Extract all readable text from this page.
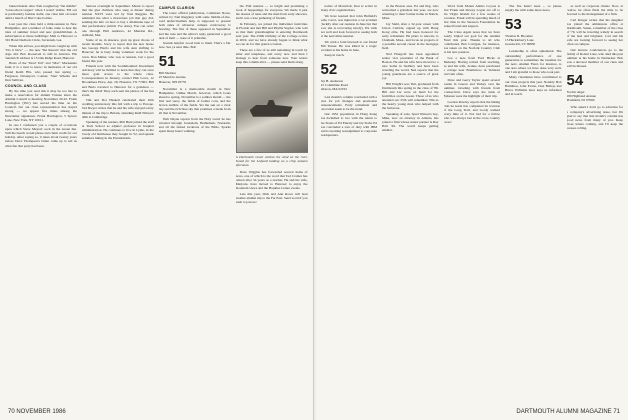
burned hands. Also Tom coughed up "the middle" "total-school targets" when I wasn't visible. Fill out is particularly fashion stalls; one class hail cavorted amid a bunch of Diet Coke bottles.

Last year the class held a mini-reunion in New Hampshire, and a number of folks came to hear the tales of summer travel and new grandchildren. A subscription to these babblings: Mail to Hanover or 301 Hotel Dadlock Circle, Savannah, GA.

When this arrives, you might have caught up with "Do it Now" — the new 'Ski Resorts' that the old dogs did. Bob Roosevelt is still in Arizona. His 'sandwich' address is 15 Oak Ridge Road, Hanover.

Hosts of the "Don't Tell" and "Mac" Mackenzie fund, it is a treat to know: in memories of our old friend Keith Hix, who passed last spring — Ferguson, Davenport, Conner, 'Stan' Whelan and Don Sullivan.

COUNCIL AND CLASS

By the time you read this it may be too late to make a reservation for alumni Trustee since the Alumni Council is meeting November 20-22. Frank Harrington ('Pix') has served his time on the Council, but our class representation has stayed strong — we appear five times among the Newsletter signatures. Frank Harrington, 5 Spruce Lane, New York, NY 10011.

In one I confessed you a couple of occasions upon which Steve Meyers' sock in the Green Inn. Still the bunch would phone and claim credit for our holiday. After saying so, it takes about twenty years before Dave Thompson's father came up to tell us what fun that party had been.

Serious overnight in September. Meant to report that the glee clubbers who sang at dinner during reunion XXVI were led by Tom Ruggles. He reminded me what a marvelous job that guy did, sending me info on how to buy a 40-minute tape of that performance (which I've done). You can order one through Hall Andrews, 42 Mendon Rd., Ashland, MA.

Some of us, in absence, gave up great chores of recent months. Sorry to report that the new house has George Harris and his wife Ann shifting to Hanover; he is busy doing volunteer work for the town. Don Maher, who was at reunion, lost a good friend this year.

Friends now with the Southmouthed Investment Advisory will be thrilled to learn that they can once more gain access to the whole class. Correspondence in January, contact Hub Lowe, 12 Brookmere Place, Apt. 29, Houston, TX 77063. Bill and Berlo traveled to Hanover for a grandson — that's the third! They each sent me photos of the fun event.

Tim and Dot Haskell celebrated their 45th wedding anniversary this fall with a trip to Europe. Ted Dwyer writes that he and his wife enjoyed every minute of the trip to Britain, attending Ruth Wilson's 40th at Cambridge.

Speaking of the readers, Phil Hunt joined the staff at Tuck School as adjunct professor in hospital administration. He continues to live in Lyme, in the lovely old farmhouse they bought in '52, and spends summers hiking in the Presidentials.

CAMPUS CLARION

The latest official publication, Commons Notes, written by Tom Rugglesy with some middle-of-the-road underclassmen help, is supposed to present both sides of whatever campus controversy is brewing. The first of these appeared in September and the tone and the editor's reply generated a good deal of mail — none of it printable.

Sounds helpful. Good luck to them. That's a fair note. See ya next time. Bob

51
Bill Sheldon
25 Meadow Avenue
Hanover, NH 03755

November is a memorable month in New Hampshire. Unlike March, however, which looks ahead to spring, November is a somber month — the first real snow, the fields of fodder corn, and the brown stubble of the fields. Yet the sun on a clear day and the rich blue sky that promises a break from all that is November.

Walt Dayne reports from the Holy Land: he has traveled through Jerusalem, Bethlehem, Nazareth, and all the famed locations of the Bible. Sparks spent many hours walking.

the 35th reunion — so bright and promising a book of happenings for everyone. We made it past the dozens of tents and the mud from early showers, and it was a true gathering of friends.

In February, we joined the midwinter festivities in Florida and met Bill and Phyllis Snyder, who told us that their granddaughter is entering Dartmouth next year. The 250th birthday of the College occurs in 2019, and we have already begun to think what we can do for that grand occasion.

There are a few of us still remaining in touch by letter and telephone, and every now and then I manage to hear from someone new. Your letters keep this column alive — please send them along.

A Dartmouth vessel catches the wind on the river, bound for the Ledyard landing on a crisp autumn afternoon.

Dave Wiggins has forwarded several items of news, one of which is the word that Ted Cramer has retired after 34 years as a teacher. He and his wife, Marjorie, have moved to Hanover to enjoy the mountain views and the Hopkins Center events.

Late this year, Dick and Ann Rowe will lead another alumni trip to the Far East. Send word if you wish to join us!

70 NOVEMBER 1986

native of Montclair, Don is active in many civic organizations.

We have learned that John Hatfield's wife, Carol, was injured in a car accident (luckily after our reunion in June but that now she is recovering nicely). We wish her well and look forward to seeing both at the next mini-reunion.

We wish a fond farewell to our friend Bill Turner. He was killed in a tragic accident at his home in June.

Keep in touch.

52
Jay H. Anderson
22 Columbine Road
Weston, MA 02193

Last month's column concluded with a plea for job changes and promotion announcements. Early retirement and relocation seem to be the trend.

Our 1952 population in Hong Kong has dwindled to two with the return to the States of Ed Finerty and Jay Stahl. Ed has concluded a tour of duty with IBM and is awaiting reassignment to corporate headquarters.

in the Boston area. Ed and Peg, who welcomed a grandson last year, are now returning to their former home in Natick, Mass.

Jay Stahl, after a 32-year career with Union Carbide, signed up with Hong Kong elite. He had been honored for early retirement. He plans to relocate to Chatham, Mass., and focus on projects of a possible second career in the mortgage field.

Ned Finegold has been appointed senior vice president of the Bank of Boston. He and his wife have moved to a new home in Sudbury and have been traveling the world. Ned reports that the young grandsons are a source of great joy.

Bill Wright's son, Tim, graduated from Dartmouth this spring in the class of '86. Bill and Liz were on hand for the festivities on the Green. Those of us who attended our 25th will remember Tim as the hearty young man who helped with the barbecue.

Speaking of sons, Spud Watson's boy, Mike, now an attorney in Atlanta, has joined a firm whose senior partner is Ray Hall '49. The world keeps getting smaller.

Word from Mount Alamo Coyote is that Frank and Dewey Logan are off to the Virgin Islands for a few weeks of vacation. Frank will be spending much of that time in the Sarasota Foundation he helped found and support.

The Class Agent notes that we have nearly tripled our goal for the Alumni Fund this year. Thanks to all who contributed. Bob Corrigan, for instance, has taken on the Norfolk Country Club as his new passion.

Got a note from Fred Hicks at Berkeley. Having retired from teaching, he and his wife, Joanne, have purchased a cottage near Brattleboro in Vermont and visit often.

Dave and Gerry Taylor spent several weeks in Greece and Turkey over the summer, traveling with friends from Connecticut. Dave says the ruins at Ephesus were the highlight of their trip.

Gordon Rawley reports that the hiking club he leads has completed its traverse of the Long Trail, and Gordy walked every mile of it. Not bad for a fellow who was always last in the cross country races!

The fire hasn't been ... so please supply me with some more news.

53
Thomas D. Bloomer
15 Huckleberry Lane
Greenwich, CT 06830

Leadership is often ephemeral. The outstanding performance of one generation is sometimes the baseline for the next. Alumni Fund, for instance, is one area where we have done very well, and I am grateful to those who took part.

Many classmates have contributed to our class projects this year. Notably Bob Hamilton, John Evans, Chet Bishop and Bruce Williams have kept us informed and in touch.

as well as corporate clients. Now, at twelve, he often finds the time to be devoted to the management of a firm.

Carl Kruger writes that his daughter has joined the admissions office at Dartmouth. Susan, a member of the class of '79, will be traveling widely in search of the best and brightest. Carl and his wife are looking forward to seeing her often on campus.

Our sincere condolences go to the family of Robert Lane, who died this past summer at his home in Nantucket. Bob was a devoted member of our class and will be missed.

54
Fredric Alger
180 Highland Avenue
Plainfield, NJ 07060

Who asked I don't go to advertise for a company's advertising issue, but I'm glad to say that this month's column has good news from many of you. Keep those letters coming, and I'll keep the presses rolling.

DARTMOUTH ALUMNI MAGAZINE 71
